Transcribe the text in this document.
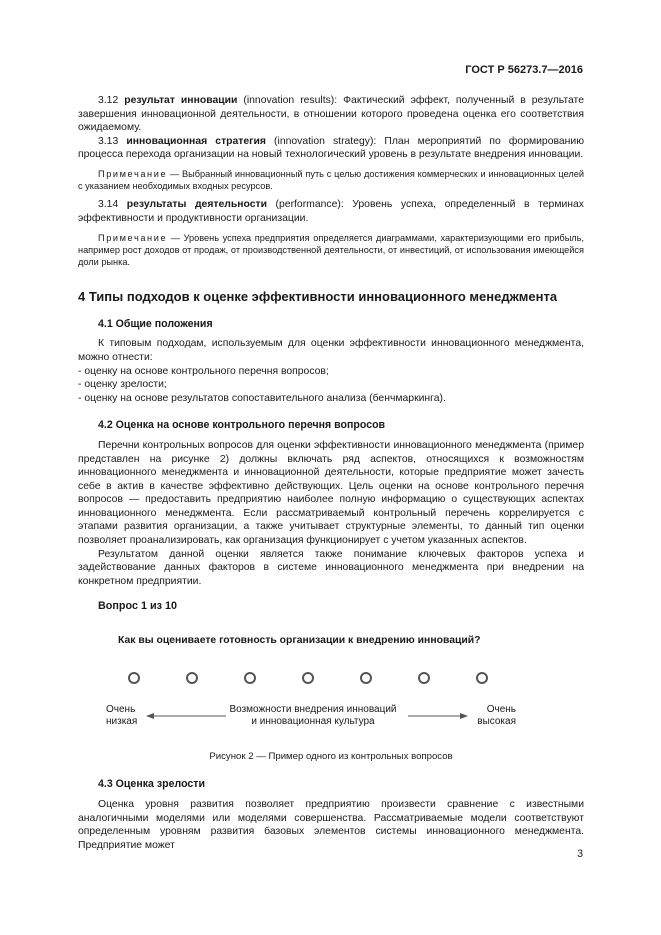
ГОСТ Р 56273.7—2016

3.12 результат инновации (innovation results): Фактический эффект, полученный в результате завершения инновационной деятельности, в отношении которого проведена оценка его соответствия ожидаемому.

3.13 инновационная стратегия (innovation strategy): План мероприятий по формированию процесса перехода организации на новый технологический уровень в результате внедрения инновации.

Примечание — Выбранный инновационный путь с целью достижения коммерческих и инновационных целей с указанием необходимых входных ресурсов.

3.14 результаты деятельности (performance): Уровень успеха, определенный в терминах эффективности и продуктивности организации.

Примечание — Уровень успеха предприятия определяется диаграммами, характеризующими его прибыль, например рост доходов от продаж, от производственной деятельности, от инвестиций, от использования имеющейся доли рынка.

4 Типы подходов к оценке эффективности инновационного менеджмента
4.1 Общие положения

К типовым подходам, используемым для оценки эффективности инновационного менеджмента, можно отнести:

- оценку на основе контрольного перечня вопросов;
- оценку зрелости;
- оценку на основе результатов сопоставительного анализа (бенчмаркинга).
4.2 Оценка на основе контрольного перечня вопросов

Перечни контрольных вопросов для оценки эффективности инновационного менеджмента (пример представлен на рисунке 2) должны включать ряд аспектов, относящихся к возможностям инновационного менеджмента и инновационной деятельности, которые предприятие может зачесть себе в актив в качестве эффективно действующих. Цель оценки на основе контрольного перечня вопросов — предоставить предприятию наиболее полную информацию о существующих аспектах инновационного менеджмента. Если рассматриваемый контрольный перечень коррелируется с этапами развития организации, а также учитывает структурные элементы, то данный тип оценки позволяет проанализировать, как организация функционирует с учетом указанных аспектов.

Результатом данной оценки является также понимание ключевых факторов успеха и задействование данных факторов в системе инновационного менеджмента при внедрении на конкретном предприятии.

Вопрос 1 из 10
Как вы оцениваете готовность организации к внедрению инноваций?
Очень
низкая
Возможности внедрения инноваций
и инновационная культура
Очень
высокая
Рисунок 2 — Пример одного из контрольных вопросов
4.3 Оценка зрелости

Оценка уровня развития позволяет предприятию произвести сравнение с известными аналогичными моделями или моделями совершенства. Рассматриваемые модели соответствуют определенным уровням развития базовых элементов системы инновационного менеджмента. Предприятие может

3
